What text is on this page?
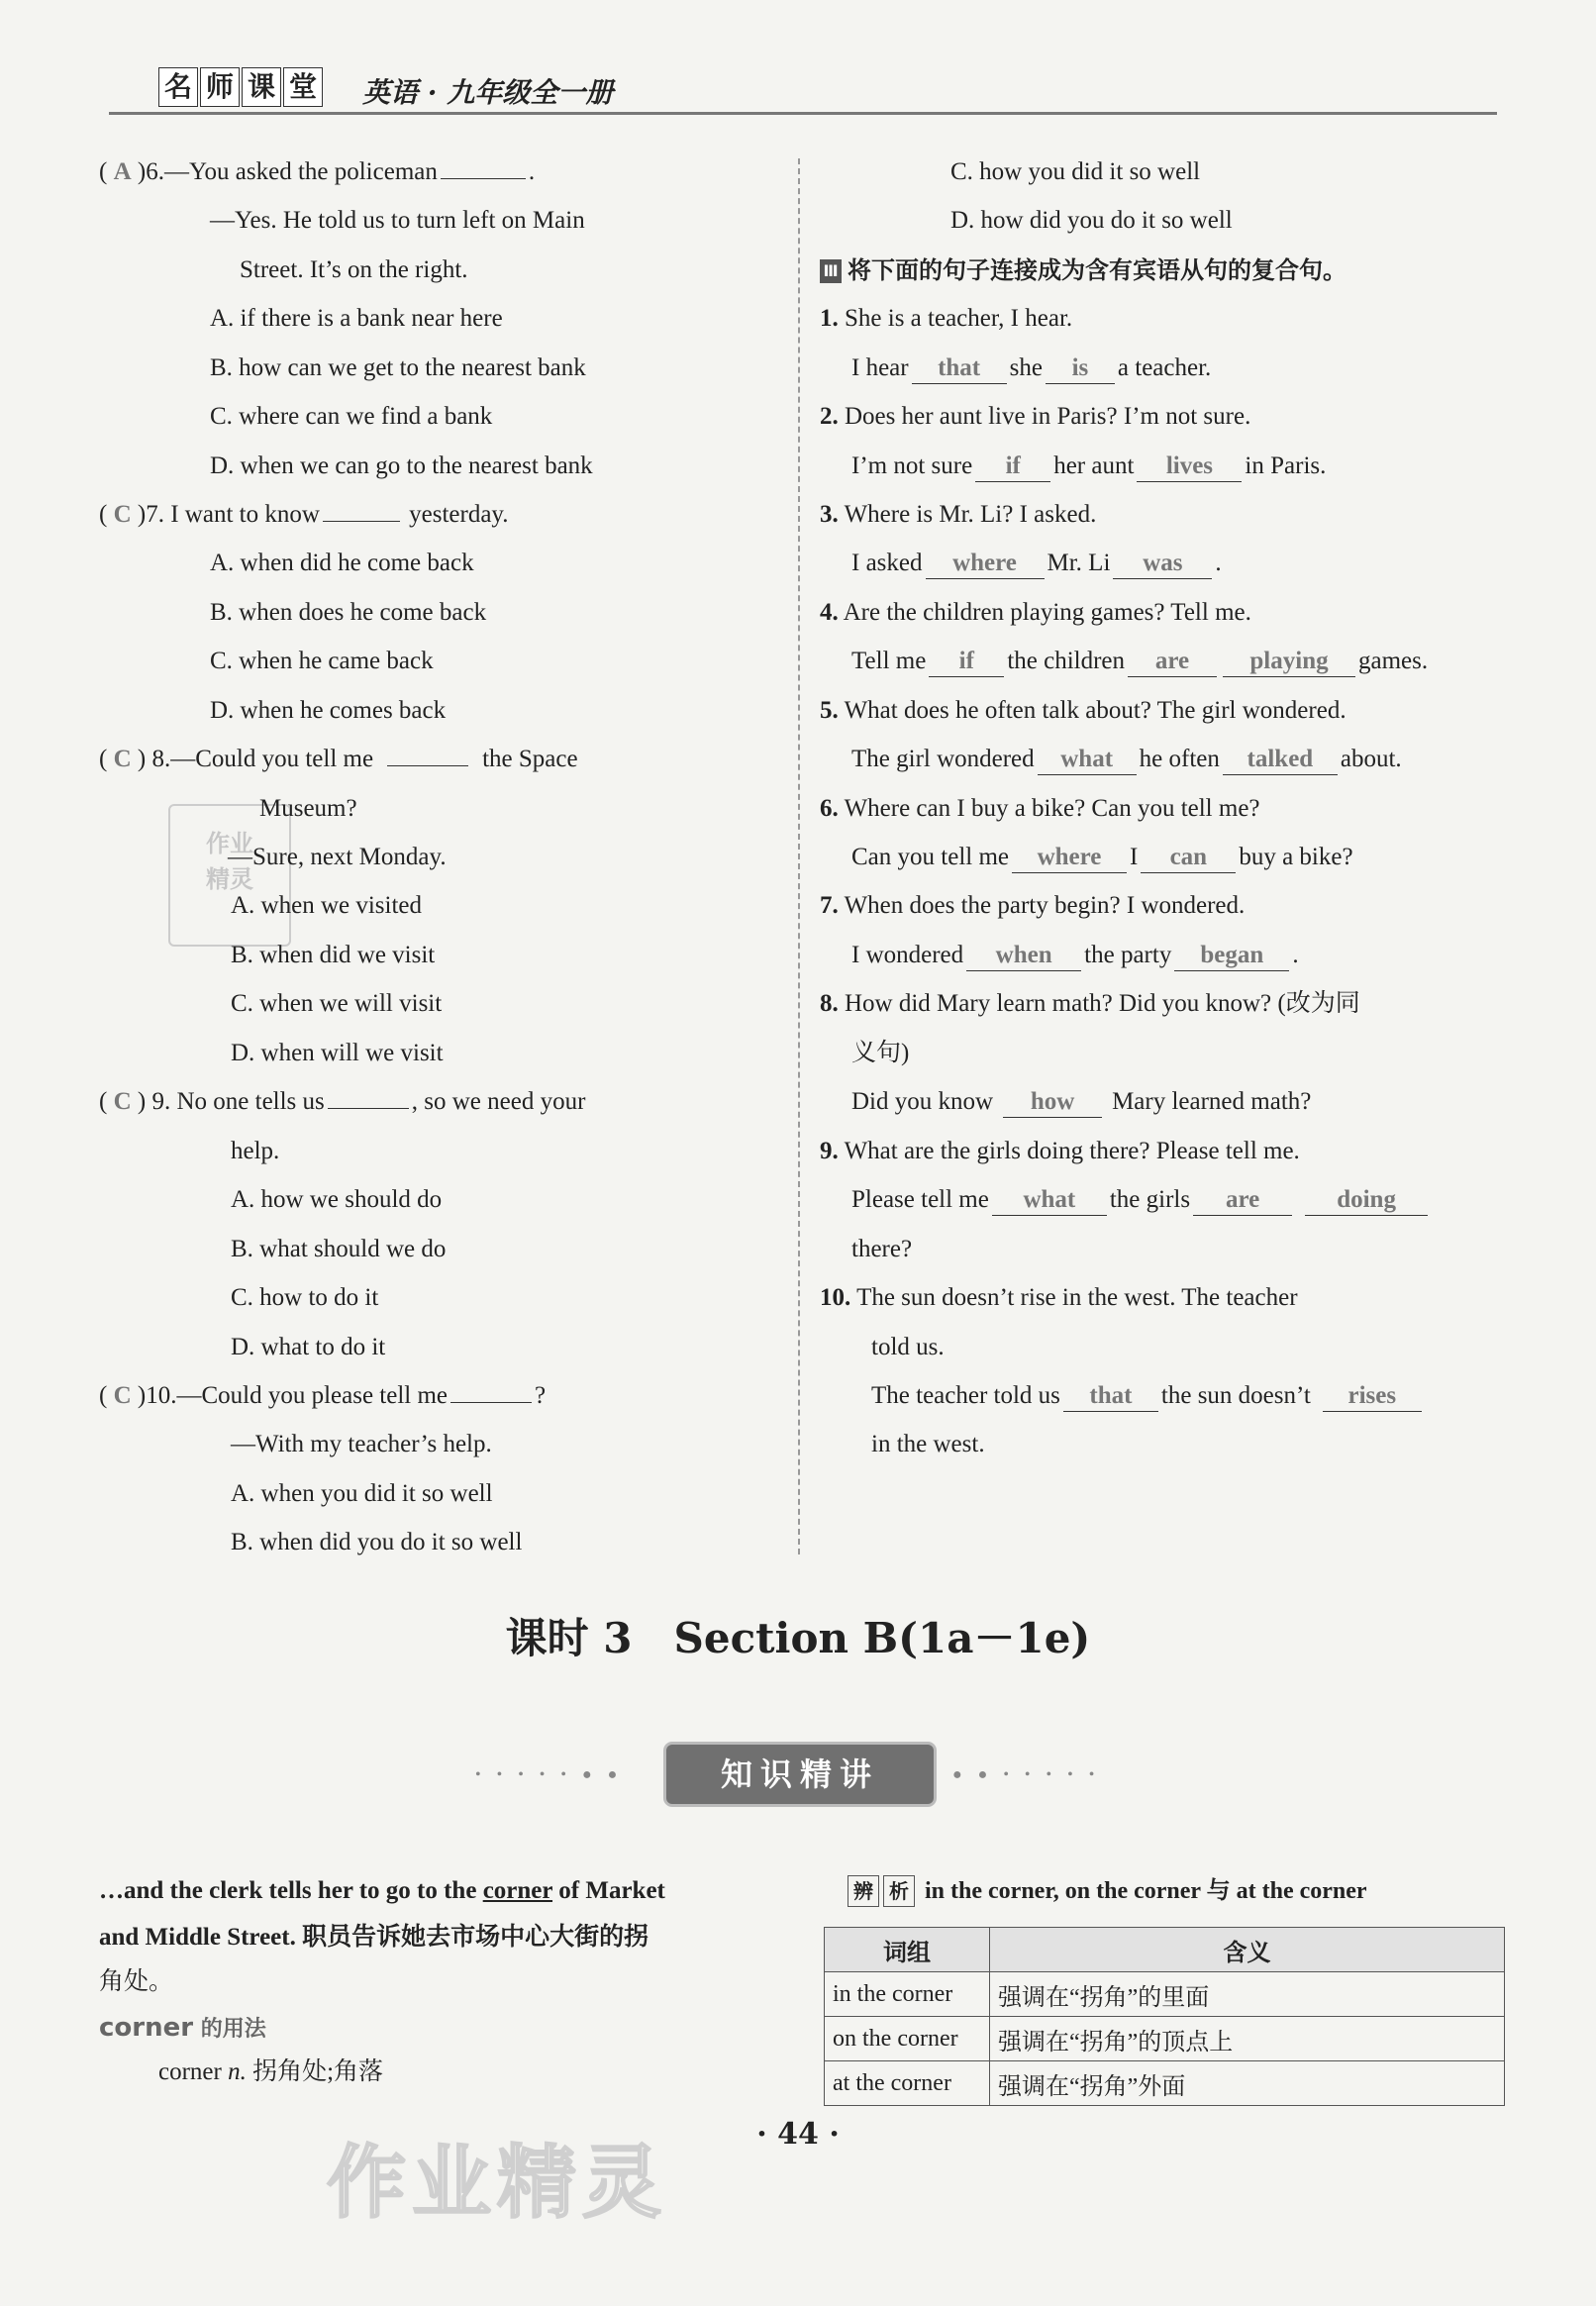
名 师 课 堂 英语 · 九年级全一册
( A )6.—You asked the policeman	.
—Yes. He told us to turn left on Main
Street. It’s on the right.
A. if there is a bank near here
B. how can we get to the nearest bank
C. where can we find a bank
D. when we can go to the nearest bank
( C )7. I want to know	yesterday.
A. when did he come back
B. when does he come back
C. when he came back
D. when he comes back
作业
精灵
( C ) 8.—Could you tell me	the Space
Museum?
—Sure, next Monday.
A. when we visited
B. when did we visit
C. when we will visit
D. when will we visit
( C ) 9. No one tells us	, so we need your
help.
A. how we should do
B. what should we do
C. how to do it
D. what to do it
( C )10.—Could you please tell me	?
—With my teacher’s help.
A. when you did it so well
B. when did you do it so well
C. how you did it so well
D. how did you do it so well
Ⅲ 将下面的句子连接成为含有宾语从句的复合句。
1. She is a teacher, I hear.
I hear that she is a teacher.
2. Does her aunt live in Paris? I’m not sure.
I’m not sure if her aunt lives in Paris.
3. Where is Mr. Li? I asked.
I asked where Mr. Li was .
4. Are the children playing games? Tell me.
Tell me if the children are playing games.
5. What does he often talk about? The girl wondered.
The girl wondered what he often talked about.
6. Where can I buy a bike? Can you tell me?
Can you tell me where I can buy a bike?
7. When does the party begin? I wondered.
I wondered when the party began .
8. How did Mary learn math? Did you know? (改为同
义句)
Did you know how Mary learned math?
9. What are the girls doing there? Please tell me.
Please tell me what the girls are	doing
there?
10. The sun doesn’t rise in the west. The teacher
told us.
The teacher told us that the sun doesn’t rises
in the west.
课时 3　Section B(1a－1e)
• • • • • ● ●	知识精讲	● ● • • • • •
…and the clerk tells her to go to the corner of Market
and Middle Street. 职员告诉她去市场中心大街的拐
角处。
corner 的用法
corner n. 拐角处;角落
辨 析 in the corner, on the corner 与 at the corner
词组	含义
in the corner	强调在“拐角”的里面
on the corner	强调在“拐角”的顶点上
at the corner	强调在“拐角”外面
· 44 ·
作业精灵
